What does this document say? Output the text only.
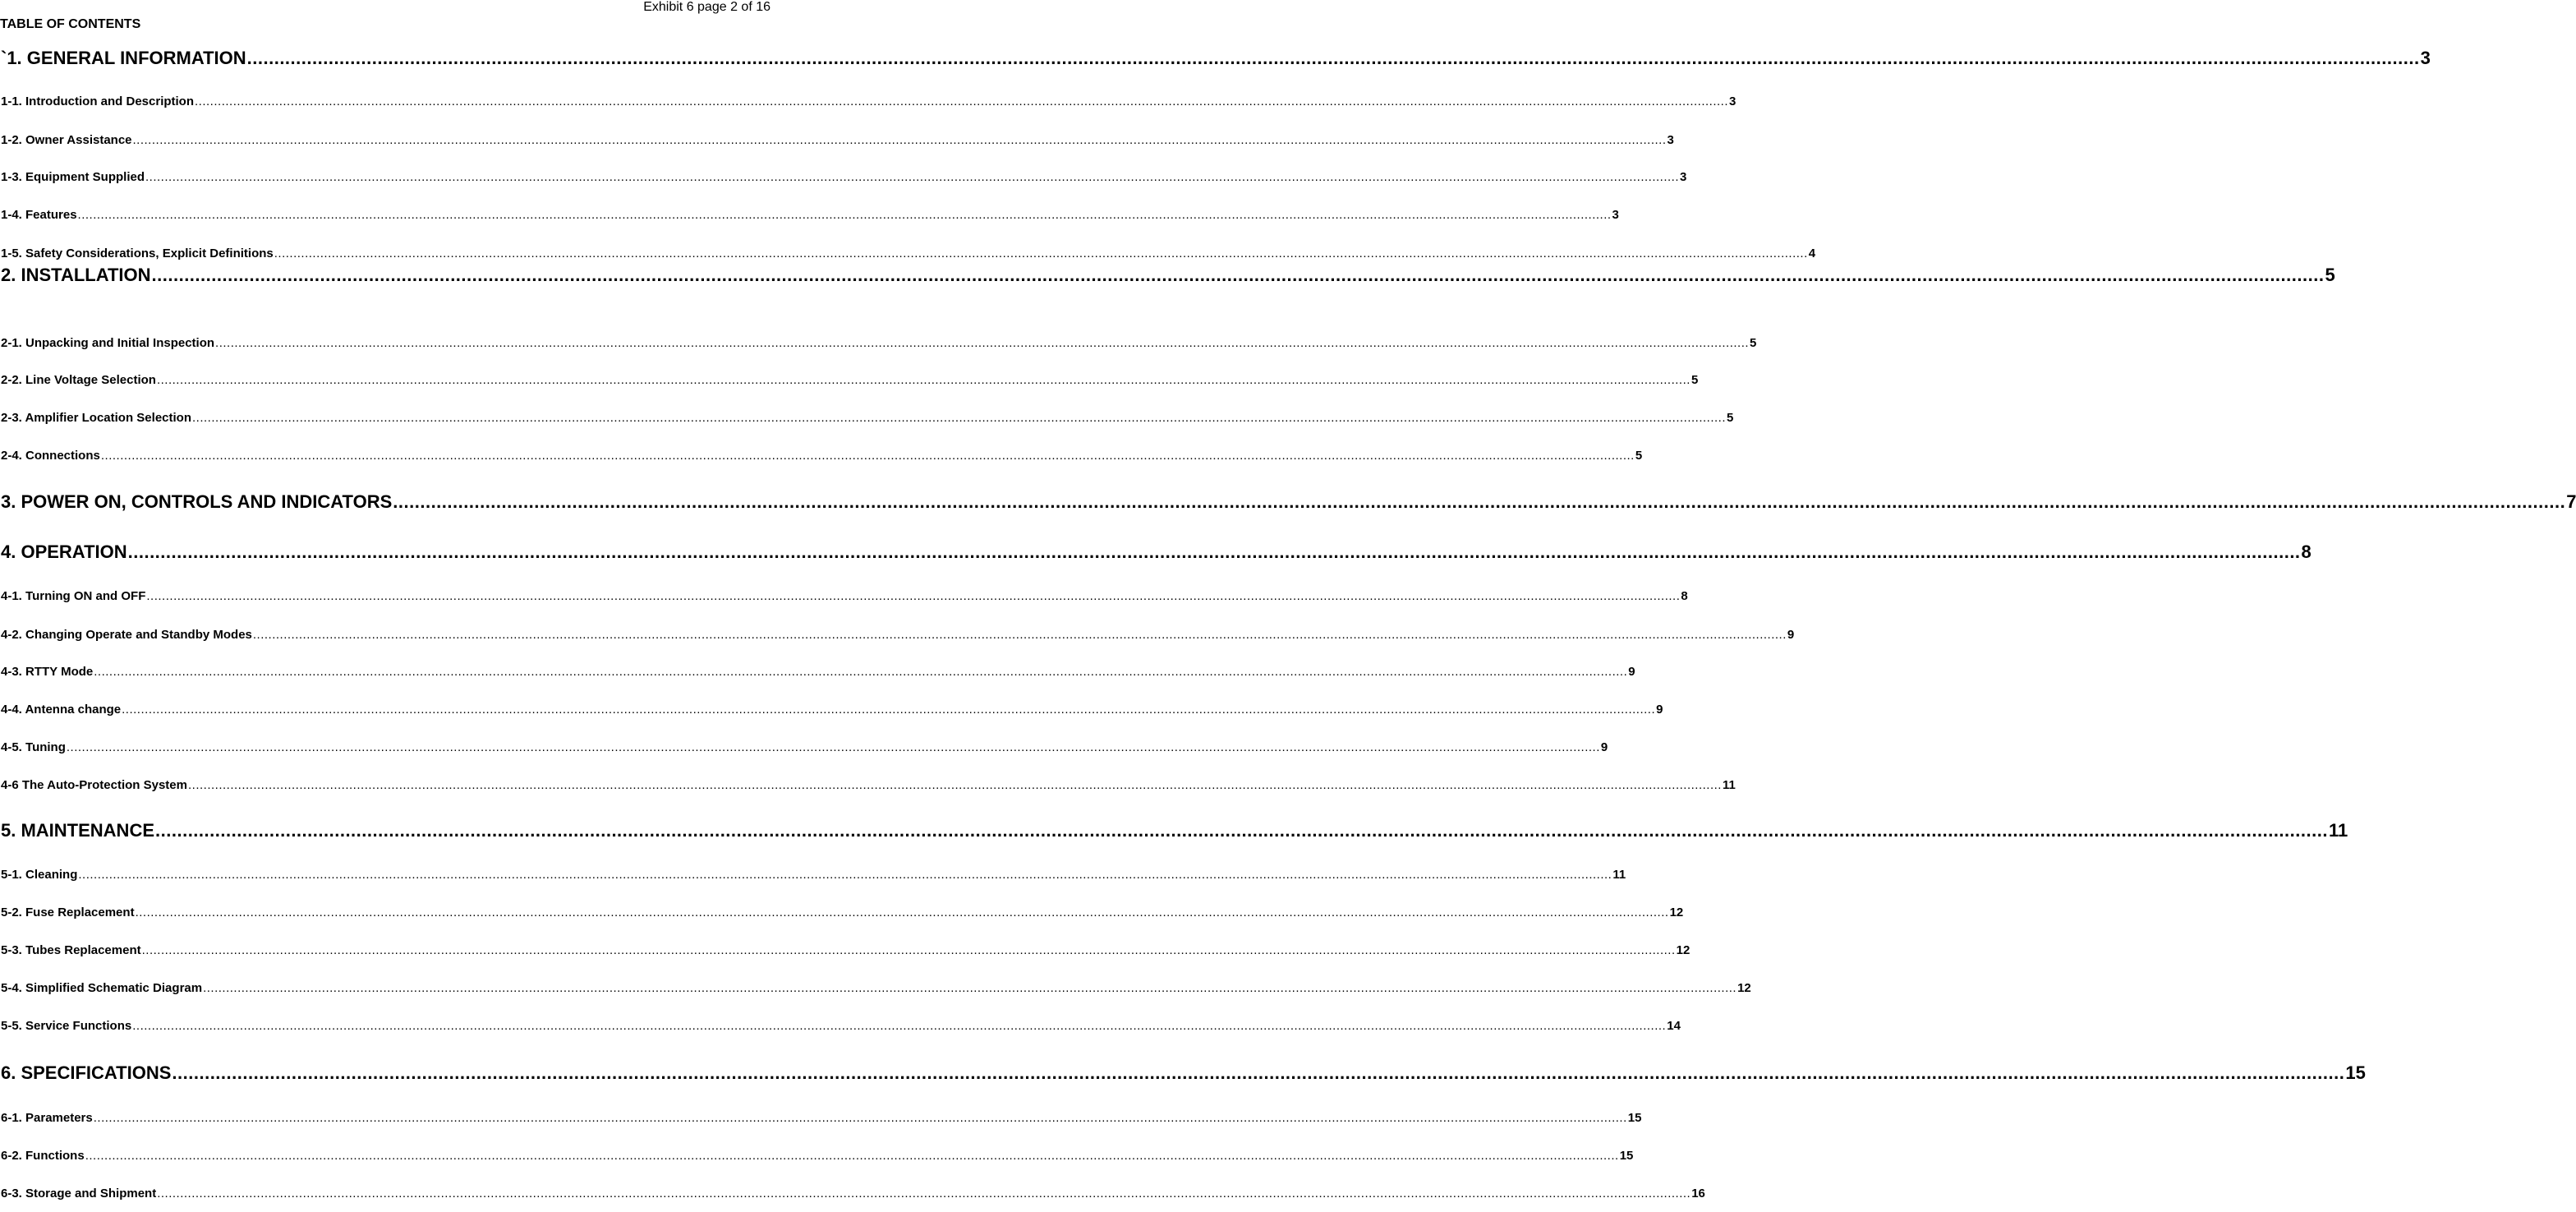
Exhibit 6 page 2 of 16
TABLE OF CONTENTS
`1. GENERAL INFORMATION ................................................................................................................................................................................................................................................................................................................................................................................................................ 3
1-1. Introduction and Description ................................................................................................................................................................................................................................................................................................................................................................................................................ 3
1-2. Owner Assistance ................................................................................................................................................................................................................................................................................................................................................................................................................ 3
1-3. Equipment Supplied ................................................................................................................................................................................................................................................................................................................................................................................................................ 3
1-4. Features ................................................................................................................................................................................................................................................................................................................................................................................................................ 3
1-5. Safety Considerations, Explicit Definitions ................................................................................................................................................................................................................................................................................................................................................................................................................ 4
2. INSTALLATION ................................................................................................................................................................................................................................................................................................................................................................................................................ 5
2-1. Unpacking and Initial Inspection ................................................................................................................................................................................................................................................................................................................................................................................................................ 5
2-2. Line Voltage Selection ................................................................................................................................................................................................................................................................................................................................................................................................................ 5
2-3. Amplifier Location Selection ................................................................................................................................................................................................................................................................................................................................................................................................................ 5
2-4. Connections ................................................................................................................................................................................................................................................................................................................................................................................................................ 5
3. POWER ON, CONTROLS AND INDICATORS ................................................................................................................................................................................................................................................................................................................................................................................................................ 7
4. OPERATION ................................................................................................................................................................................................................................................................................................................................................................................................................ 8
4-1. Turning ON and OFF ................................................................................................................................................................................................................................................................................................................................................................................................................ 8
4-2. Changing Operate and Standby Modes ................................................................................................................................................................................................................................................................................................................................................................................................................ 9
4-3. RTTY Mode ................................................................................................................................................................................................................................................................................................................................................................................................................ 9
4-4. Antenna change ................................................................................................................................................................................................................................................................................................................................................................................................................ 9
4-5. Tuning ................................................................................................................................................................................................................................................................................................................................................................................................................ 9
4-6 The Auto-Protection System ................................................................................................................................................................................................................................................................................................................................................................................................................ 11
5. MAINTENANCE ................................................................................................................................................................................................................................................................................................................................................................................................................ 11
5-1. Cleaning ................................................................................................................................................................................................................................................................................................................................................................................................................ 11
5-2. Fuse Replacement ................................................................................................................................................................................................................................................................................................................................................................................................................ 12
5-3. Tubes Replacement ................................................................................................................................................................................................................................................................................................................................................................................................................ 12
5-4. Simplified Schematic Diagram ................................................................................................................................................................................................................................................................................................................................................................................................................ 12
5-5. Service Functions ................................................................................................................................................................................................................................................................................................................................................................................................................ 14
6. SPECIFICATIONS ................................................................................................................................................................................................................................................................................................................................................................................................................ 15
6-1. Parameters ................................................................................................................................................................................................................................................................................................................................................................................................................ 15
6-2. Functions ................................................................................................................................................................................................................................................................................................................................................................................................................ 15
6-3. Storage and Shipment ................................................................................................................................................................................................................................................................................................................................................................................................................ 16
